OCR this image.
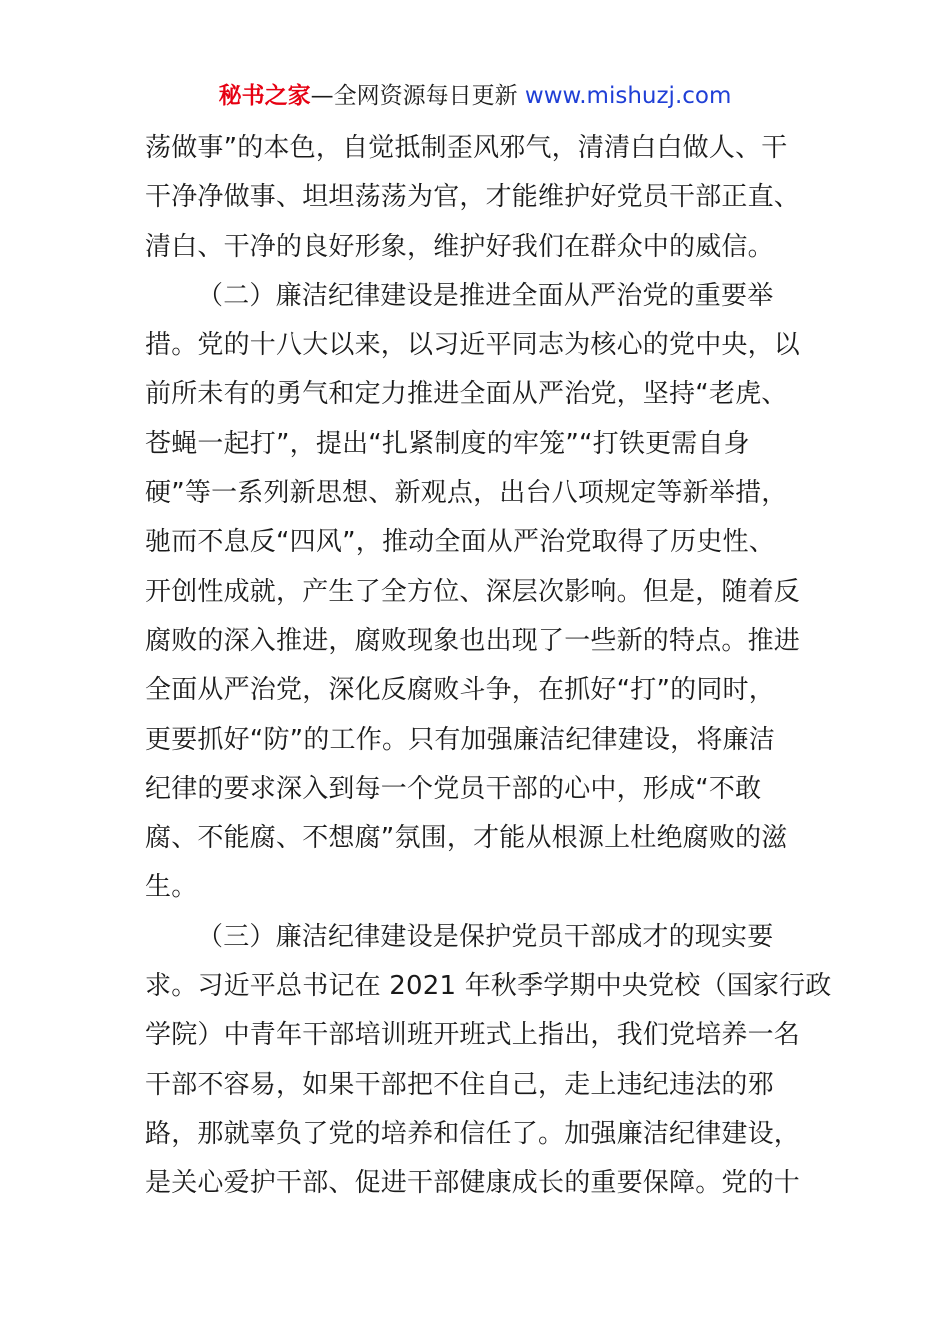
秘书之家—全网资源每日更新 www.mishuzj.com
荡做事”的本色，自觉抵制歪风邪气，清清白白做人、干
干净净做事、坦坦荡荡为官，才能维护好党员干部正直、
清白、干净的良好形象，维护好我们在群众中的威信。
（二）廉洁纪律建设是推进全面从严治党的重要举
措。党的十八大以来，以习近平同志为核心的党中央，以
前所未有的勇气和定力推进全面从严治党，坚持“老虎、
苍蝇一起打”，提出“扎紧制度的牢笼”“打铁更需自身
硬”等一系列新思想、新观点，出台八项规定等新举措，
驰而不息反“四风”，推动全面从严治党取得了历史性、
开创性成就，产生了全方位、深层次影响。但是，随着反
腐败的深入推进，腐败现象也出现了一些新的特点。推进
全面从严治党，深化反腐败斗争，在抓好“打”的同时，
更要抓好“防”的工作。只有加强廉洁纪律建设，将廉洁
纪律的要求深入到每一个党员干部的心中，形成“不敢
腐、不能腐、不想腐”氛围，才能从根源上杜绝腐败的滋
生。
（三）廉洁纪律建设是保护党员干部成才的现实要
求。习近平总书记在 2021 年秋季学期中央党校（国家行政
学院）中青年干部培训班开班式上指出，我们党培养一名
干部不容易，如果干部把不住自己，走上违纪违法的邪
路，那就辜负了党的培养和信任了。加强廉洁纪律建设，
是关心爱护干部、促进干部健康成长的重要保障。党的十
